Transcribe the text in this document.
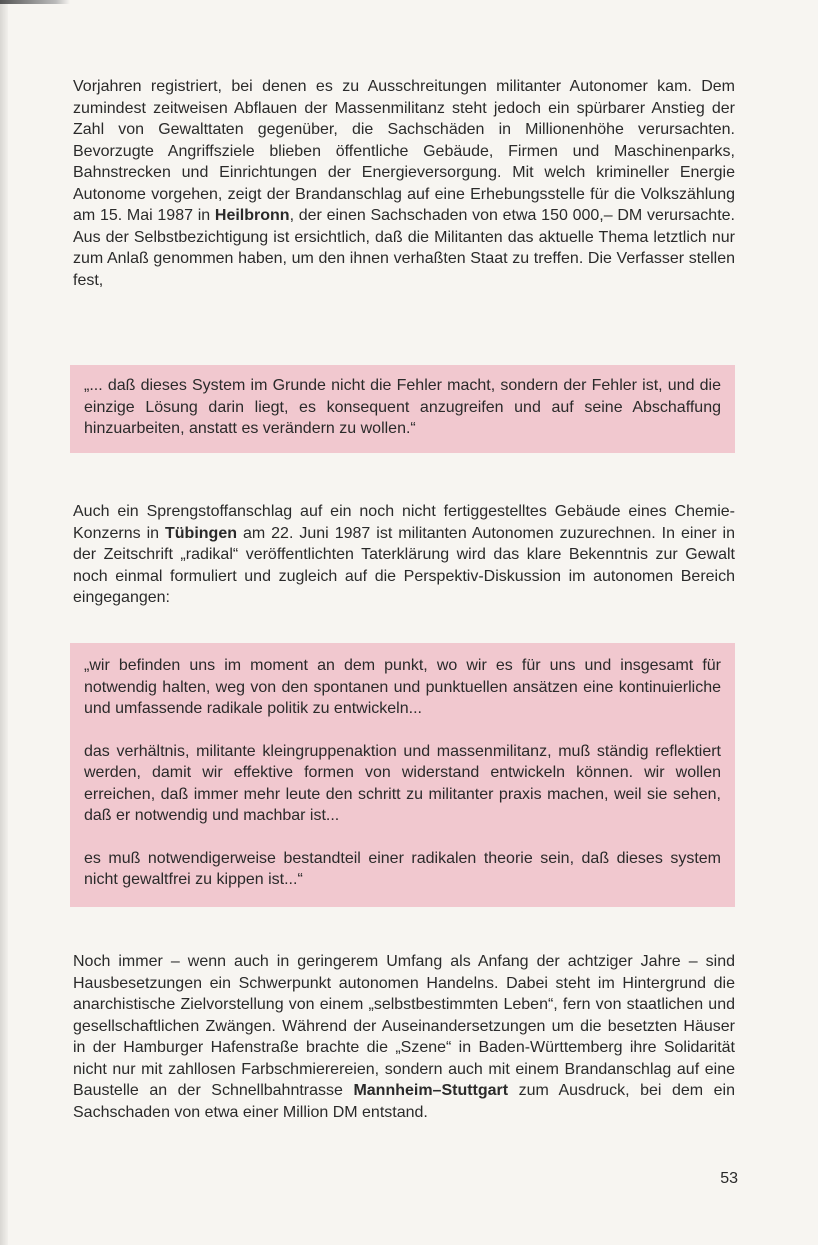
Vorjahren registriert, bei denen es zu Ausschreitungen militanter Autonomer kam. Dem zumindest zeitweisen Abflauen der Massenmilitanz steht jedoch ein spürbarer Anstieg der Zahl von Gewalttaten gegenüber, die Sachschäden in Millionenhöhe verursachten. Bevorzugte Angriffsziele blieben öffentliche Gebäude, Firmen und Maschinenparks, Bahnstrecken und Einrichtungen der Energieversorgung. Mit welch krimineller Energie Autonome vorgehen, zeigt der Brandanschlag auf eine Erhebungsstelle für die Volkszählung am 15. Mai 1987 in Heilbronn, der einen Sachschaden von etwa 150 000,– DM verursachte. Aus der Selbstbezichtigung ist ersichtlich, daß die Militanten das aktuelle Thema letztlich nur zum Anlaß genommen haben, um den ihnen verhaßten Staat zu treffen. Die Verfasser stellen fest,

„... daß dieses System im Grunde nicht die Fehler macht, sondern der Fehler ist, und die einzige Lösung darin liegt, es konsequent anzugreifen und auf seine Abschaffung hinzuarbeiten, anstatt es verändern zu wollen.“

Auch ein Sprengstoffanschlag auf ein noch nicht fertiggestelltes Gebäude eines Chemie-Konzerns in Tübingen am 22. Juni 1987 ist militanten Autonomen zuzurechnen. In einer in der Zeitschrift „radikal“ veröffentlichten Taterklärung wird das klare Bekenntnis zur Gewalt noch einmal formuliert und zugleich auf die Perspektiv-Diskussion im autonomen Bereich eingegangen:

„wir befinden uns im moment an dem punkt, wo wir es für uns und insgesamt für notwendig halten, weg von den spontanen und punktuellen ansätzen eine kontinuierliche und umfassende radikale politik zu entwickeln...

das verhältnis, militante kleingruppenaktion und massenmilitanz, muß ständig reflektiert werden, damit wir effektive formen von widerstand entwickeln können. wir wollen erreichen, daß immer mehr leute den schritt zu militanter praxis machen, weil sie sehen, daß er notwendig und machbar ist...

es muß notwendigerweise bestandteil einer radikalen theorie sein, daß dieses system nicht gewaltfrei zu kippen ist...“

Noch immer – wenn auch in geringerem Umfang als Anfang der achtziger Jahre – sind Hausbesetzungen ein Schwerpunkt autonomen Handelns. Dabei steht im Hintergrund die anarchistische Zielvorstellung von einem „selbstbestimmten Leben“, fern von staatlichen und gesellschaftlichen Zwängen. Während der Auseinandersetzungen um die besetzten Häuser in der Hamburger Hafenstraße brachte die „Szene“ in Baden-Württemberg ihre Solidarität nicht nur mit zahllosen Farbschmierereien, sondern auch mit einem Brandanschlag auf eine Baustelle an der Schnellbahntrasse Mannheim–Stuttgart zum Ausdruck, bei dem ein Sachschaden von etwa einer Million DM entstand.

53
